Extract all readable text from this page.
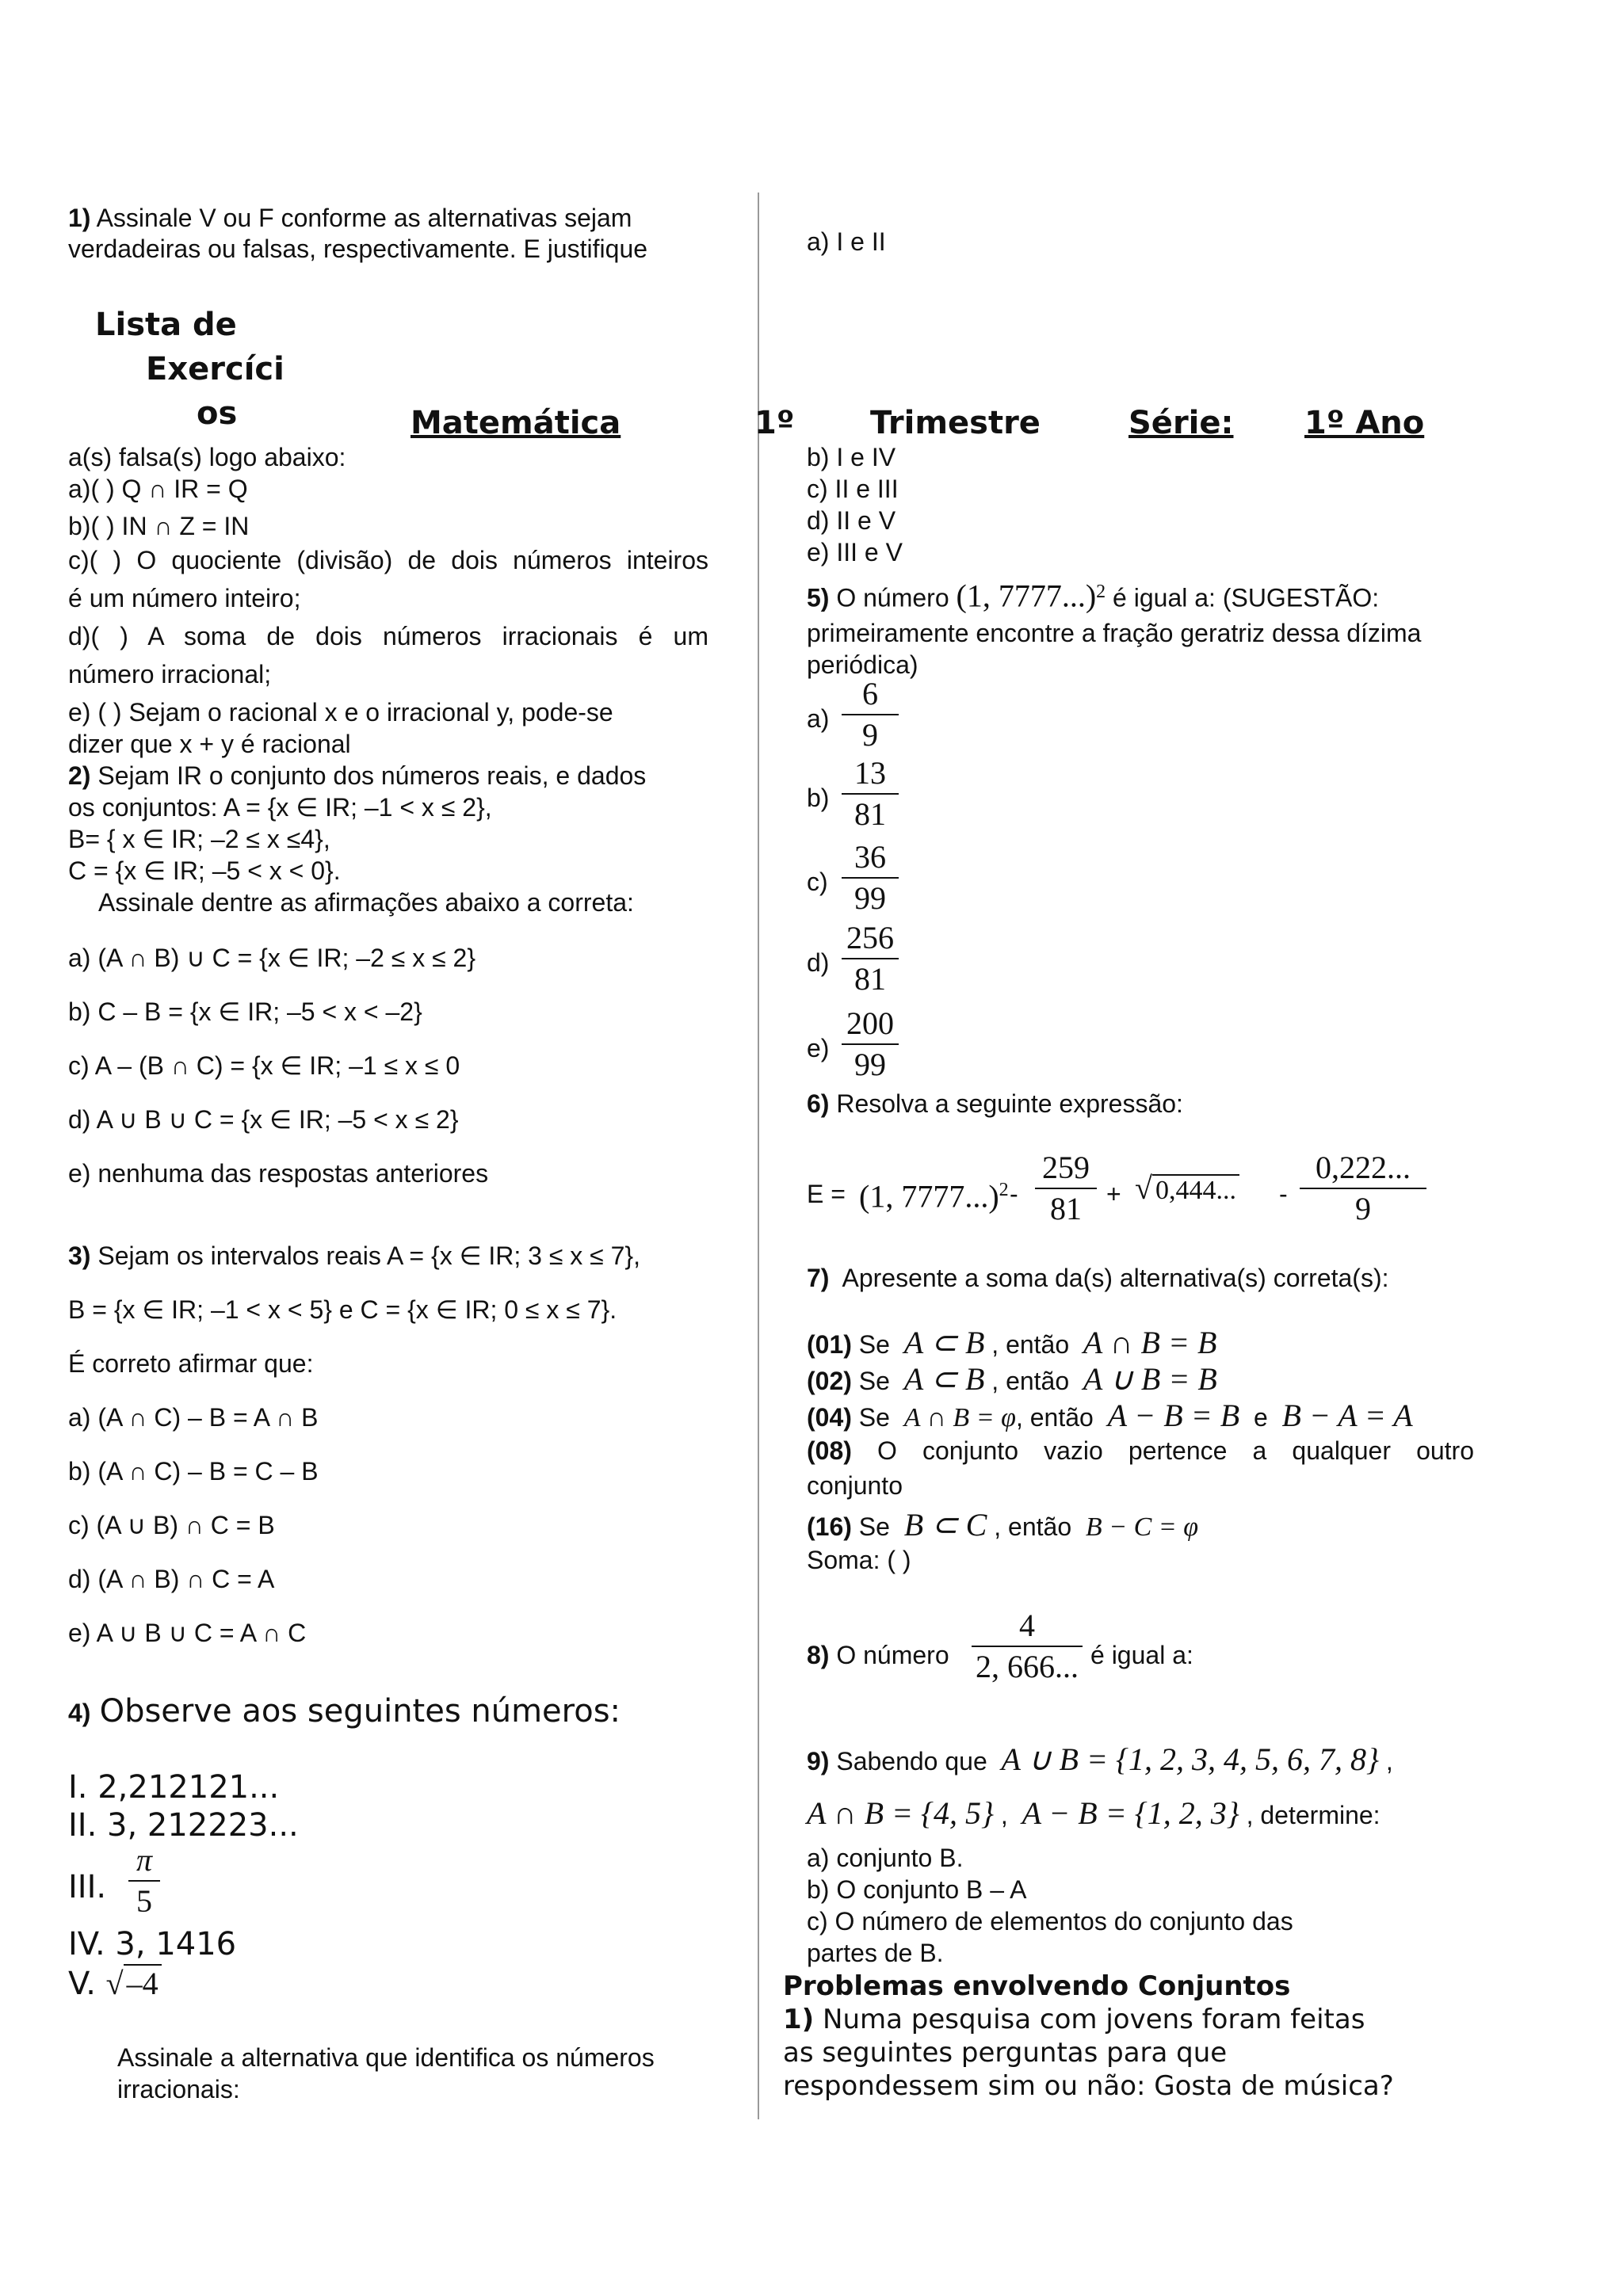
1) Assinale V ou F conforme as alternativas sejam
verdadeiras ou falsas, respectivamente. E justifique
Lista de
Exercíci
os	Matemática	1º Trimestre	Série: 1º Ano
a(s) falsa(s) logo abaixo:
a)( ) Q ∩ IR = Q
b)( ) IN ∩ Z = IN
c)( ) O quociente (divisão) de dois números inteiros
é um número inteiro;
d)( ) A soma de dois números irracionais é um
número irracional;
e) ( ) Sejam o racional x e o irracional y, pode-se
dizer que x + y é racional
2) Sejam IR o conjunto dos números reais, e dados
os conjuntos: A = {x ∈ IR; –1 < x ≤ 2},
B= { x ∈ IR; –2 ≤ x ≤4},
C = {x ∈ IR; –5 < x < 0}.
Assinale dentre as afirmações abaixo a correta:
a) (A ∩ B) ∪ C = {x ∈ IR; –2 ≤ x ≤ 2}
b) C – B = {x ∈ IR; –5 < x < –2}
c) A – (B ∩ C) = {x ∈ IR; –1 ≤ x ≤ 0
d) A ∪ B ∪ C = {x ∈ IR; –5 < x ≤ 2}
e) nenhuma das respostas anteriores
3) Sejam os intervalos reais A = {x ∈ IR; 3 ≤ x ≤ 7},
B = {x ∈ IR; –1 < x < 5} e C = {x ∈ IR; 0 ≤ x ≤ 7}.
É correto afirmar que:
a) (A ∩ C) – B = A ∩ B
b) (A ∩ C) – B = C – B
c) (A ∪ B) ∩ C = B
d) (A ∩ B) ∩ C = A
e) A ∪ B ∪ C = A ∩ C
4) Observe aos seguintes números:
I. 2,212121...
II. 3, 212223...
III.
π
5
IV. 3, 1416
V. √ –4
Assinale a alternativa que identifica os números
irracionais:
a) I e II
b) I e IV
c) II e III
d) II e V
e) III e V
5) O número (1, 7777...)$^2$ é igual a: (SUGESTÃO:
primeiramente encontre a fração geratriz dessa dízima
periódica)
a)
6
9
b)
13
81
c)
36
99
d)
256
81
e)
200
99
6) Resolva a seguinte expressão:
E = (1, 7777...)$^2$ -
259
81 + √ 0,444... -
0,222...
9
7) Apresente a soma da(s) alternativa(s) correta(s):
(01) Se A ⊂ B , então A ∩ B = B
(02) Se A ⊂ B , então A ∪ B = B
(04) Se A ∩ B = φ, então A − B = B e B − A = A
(08) O conjunto vazio pertence a qualquer outro
conjunto
(16) Se B ⊂ C , então B − C = φ
Soma: ( )
8) O número
4
2, 666... é igual a:
9) Sabendo que A ∪ B = {1, 2, 3, 4, 5, 6, 7, 8} ,
A ∩ B = {4, 5} , A − B = {1, 2, 3} , determine:
a) conjunto B.
b) O conjunto B – A
c) O número de elementos do conjunto das
partes de B.
Problemas envolvendo Conjuntos
1) Numa pesquisa com jovens foram feitas
as seguintes perguntas para que
respondessem sim ou não: Gosta de música?
